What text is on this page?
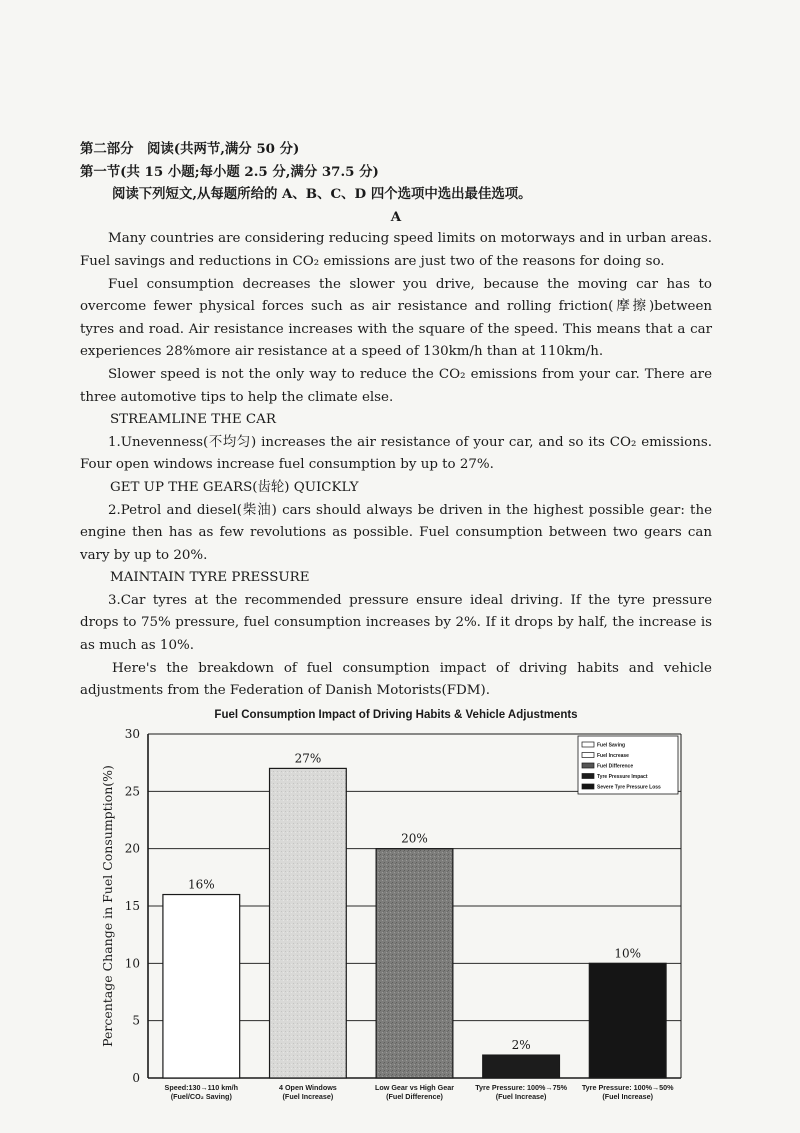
第二部分　阅读(共两节,满分 50 分)

第一节(共 15 小题;每小题 2.5 分,满分 37.5 分)

阅读下列短文,从每题所给的 A、B、C、D 四个选项中选出最佳选项。

A

Many countries are considering reducing speed limits on motorways and in urban areas. Fuel savings and reductions in CO₂ emissions are just two of the reasons for doing so.

Fuel consumption decreases the slower you drive, because the moving car has to overcome fewer physical forces such as air resistance and rolling friction(摩擦)between tyres and road. Air resistance increases with the square of the speed. This means that a car experiences 28%more air resistance at a speed of 130km/h than at 110km/h.

Slower speed is not the only way to reduce the CO₂ emissions from your car. There are three automotive tips to help the climate else.

STREAMLINE THE CAR

1.Unevenness(不均匀) increases the air resistance of your car, and so its CO₂ emissions. Four open windows increase fuel consumption by up to 27%.

GET UP THE GEARS(齿轮) QUICKLY

2.Petrol and diesel(柴油) cars should always be driven in the highest possible gear: the engine then has as few revolutions as possible. Fuel consumption between two gears can vary by up to 20%.

MAINTAIN TYRE PRESSURE

3.Car tyres at the recommended pressure ensure ideal driving. If the tyre pressure drops to 75% pressure, fuel consumption increases by 2%. If it drops by half, the increase is as much as 10%.

Here's the breakdown of fuel consumption impact of driving habits and vehicle adjustments from the Federation of Danish Motorists(FDM).

Fuel Consumption Impact of Driving Habits & Vehicle Adjustments

16%
27%
20%
2%
10%
Speed:130→110 km/h
(Fuel/CO₂ Saving)
4 Open Windows
(Fuel Increase)
Low Gear vs High Gear
(Fuel Difference)
Tyre Pressure: 100%→75%
(Fuel Increase)
Tyre Pressure: 100%→50%
(Fuel Increase)
0
5
10
15
20
25
30
Percentage Change in Fuel Consumption(%)
Fuel Saving
Fuel Increase
Fuel Difference
Tyre Pressure Impact
Severe Tyre Pressure Loss
